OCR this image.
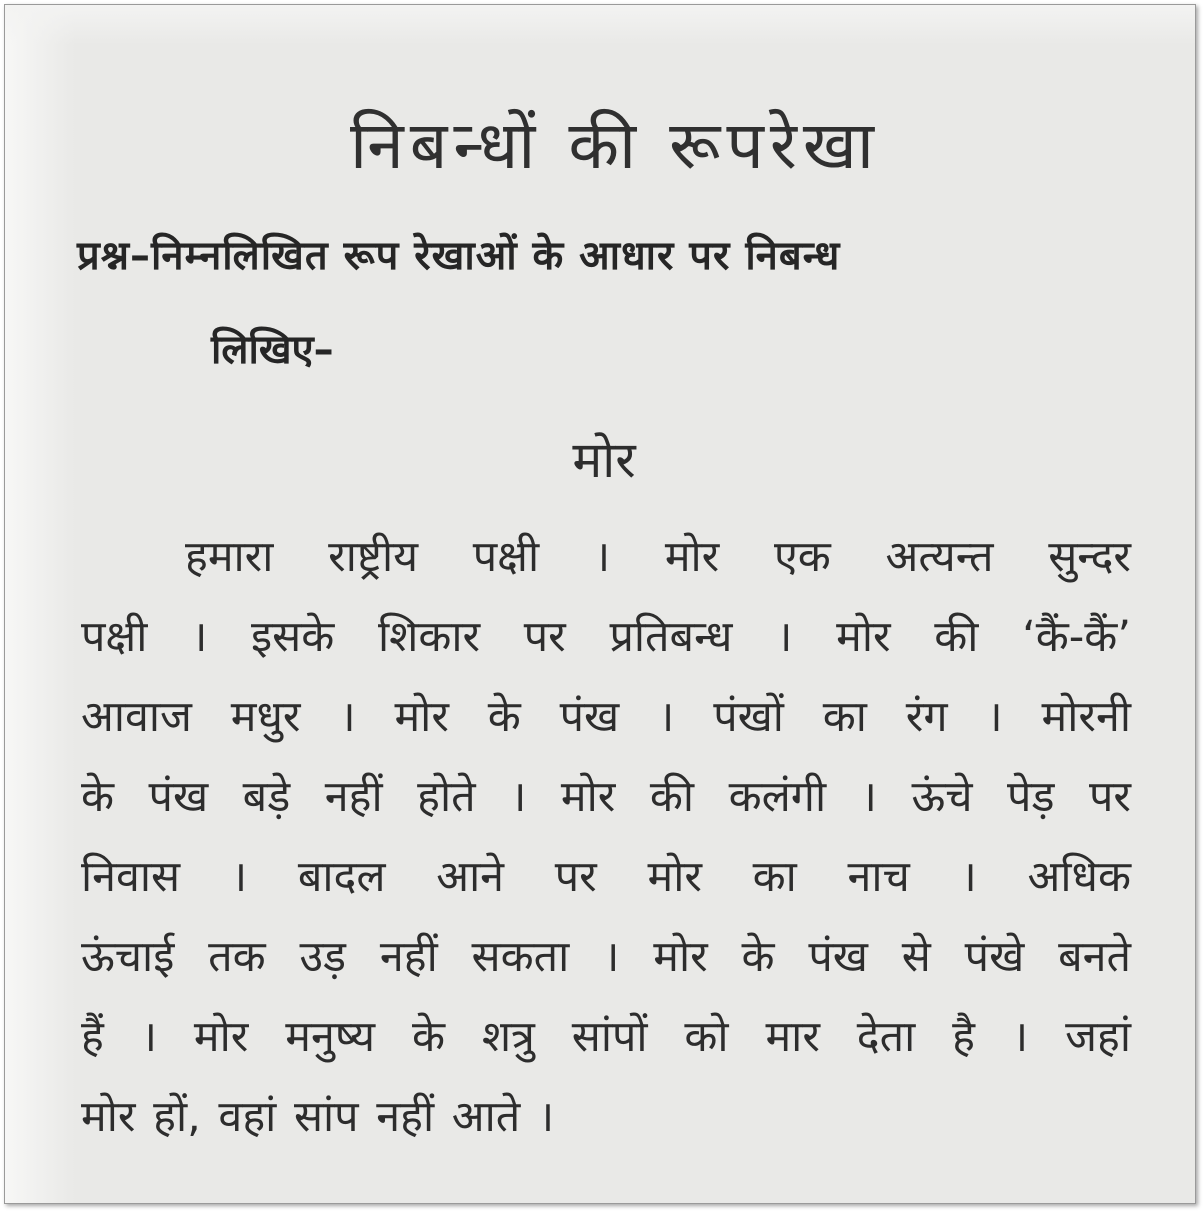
निबन्धों की रूपरेखा
प्रश्न–निम्नलिखित रूप रेखाओं के आधार पर निबन्ध
लिखिए–
मोर
हमारा राष्ट्रीय पक्षी । मोर एक अत्यन्त सुन्दर
पक्षी । इसके शिकार पर प्रतिबन्ध । मोर की ‘कैं-कैं’
आवाज मधुर । मोर के पंख । पंखों का रंग । मोरनी
के पंख बड़े नहीं होते । मोर की कलंगी । ऊंचे पेड़ पर
निवास । बादल आने पर मोर का नाच । अधिक
ऊंचाई तक उड़ नहीं सकता । मोर के पंख से पंखे बनते
हैं । मोर मनुष्य के शत्रु सांपों को मार देता है । जहां
मोर हों, वहां सांप नहीं आते ।
